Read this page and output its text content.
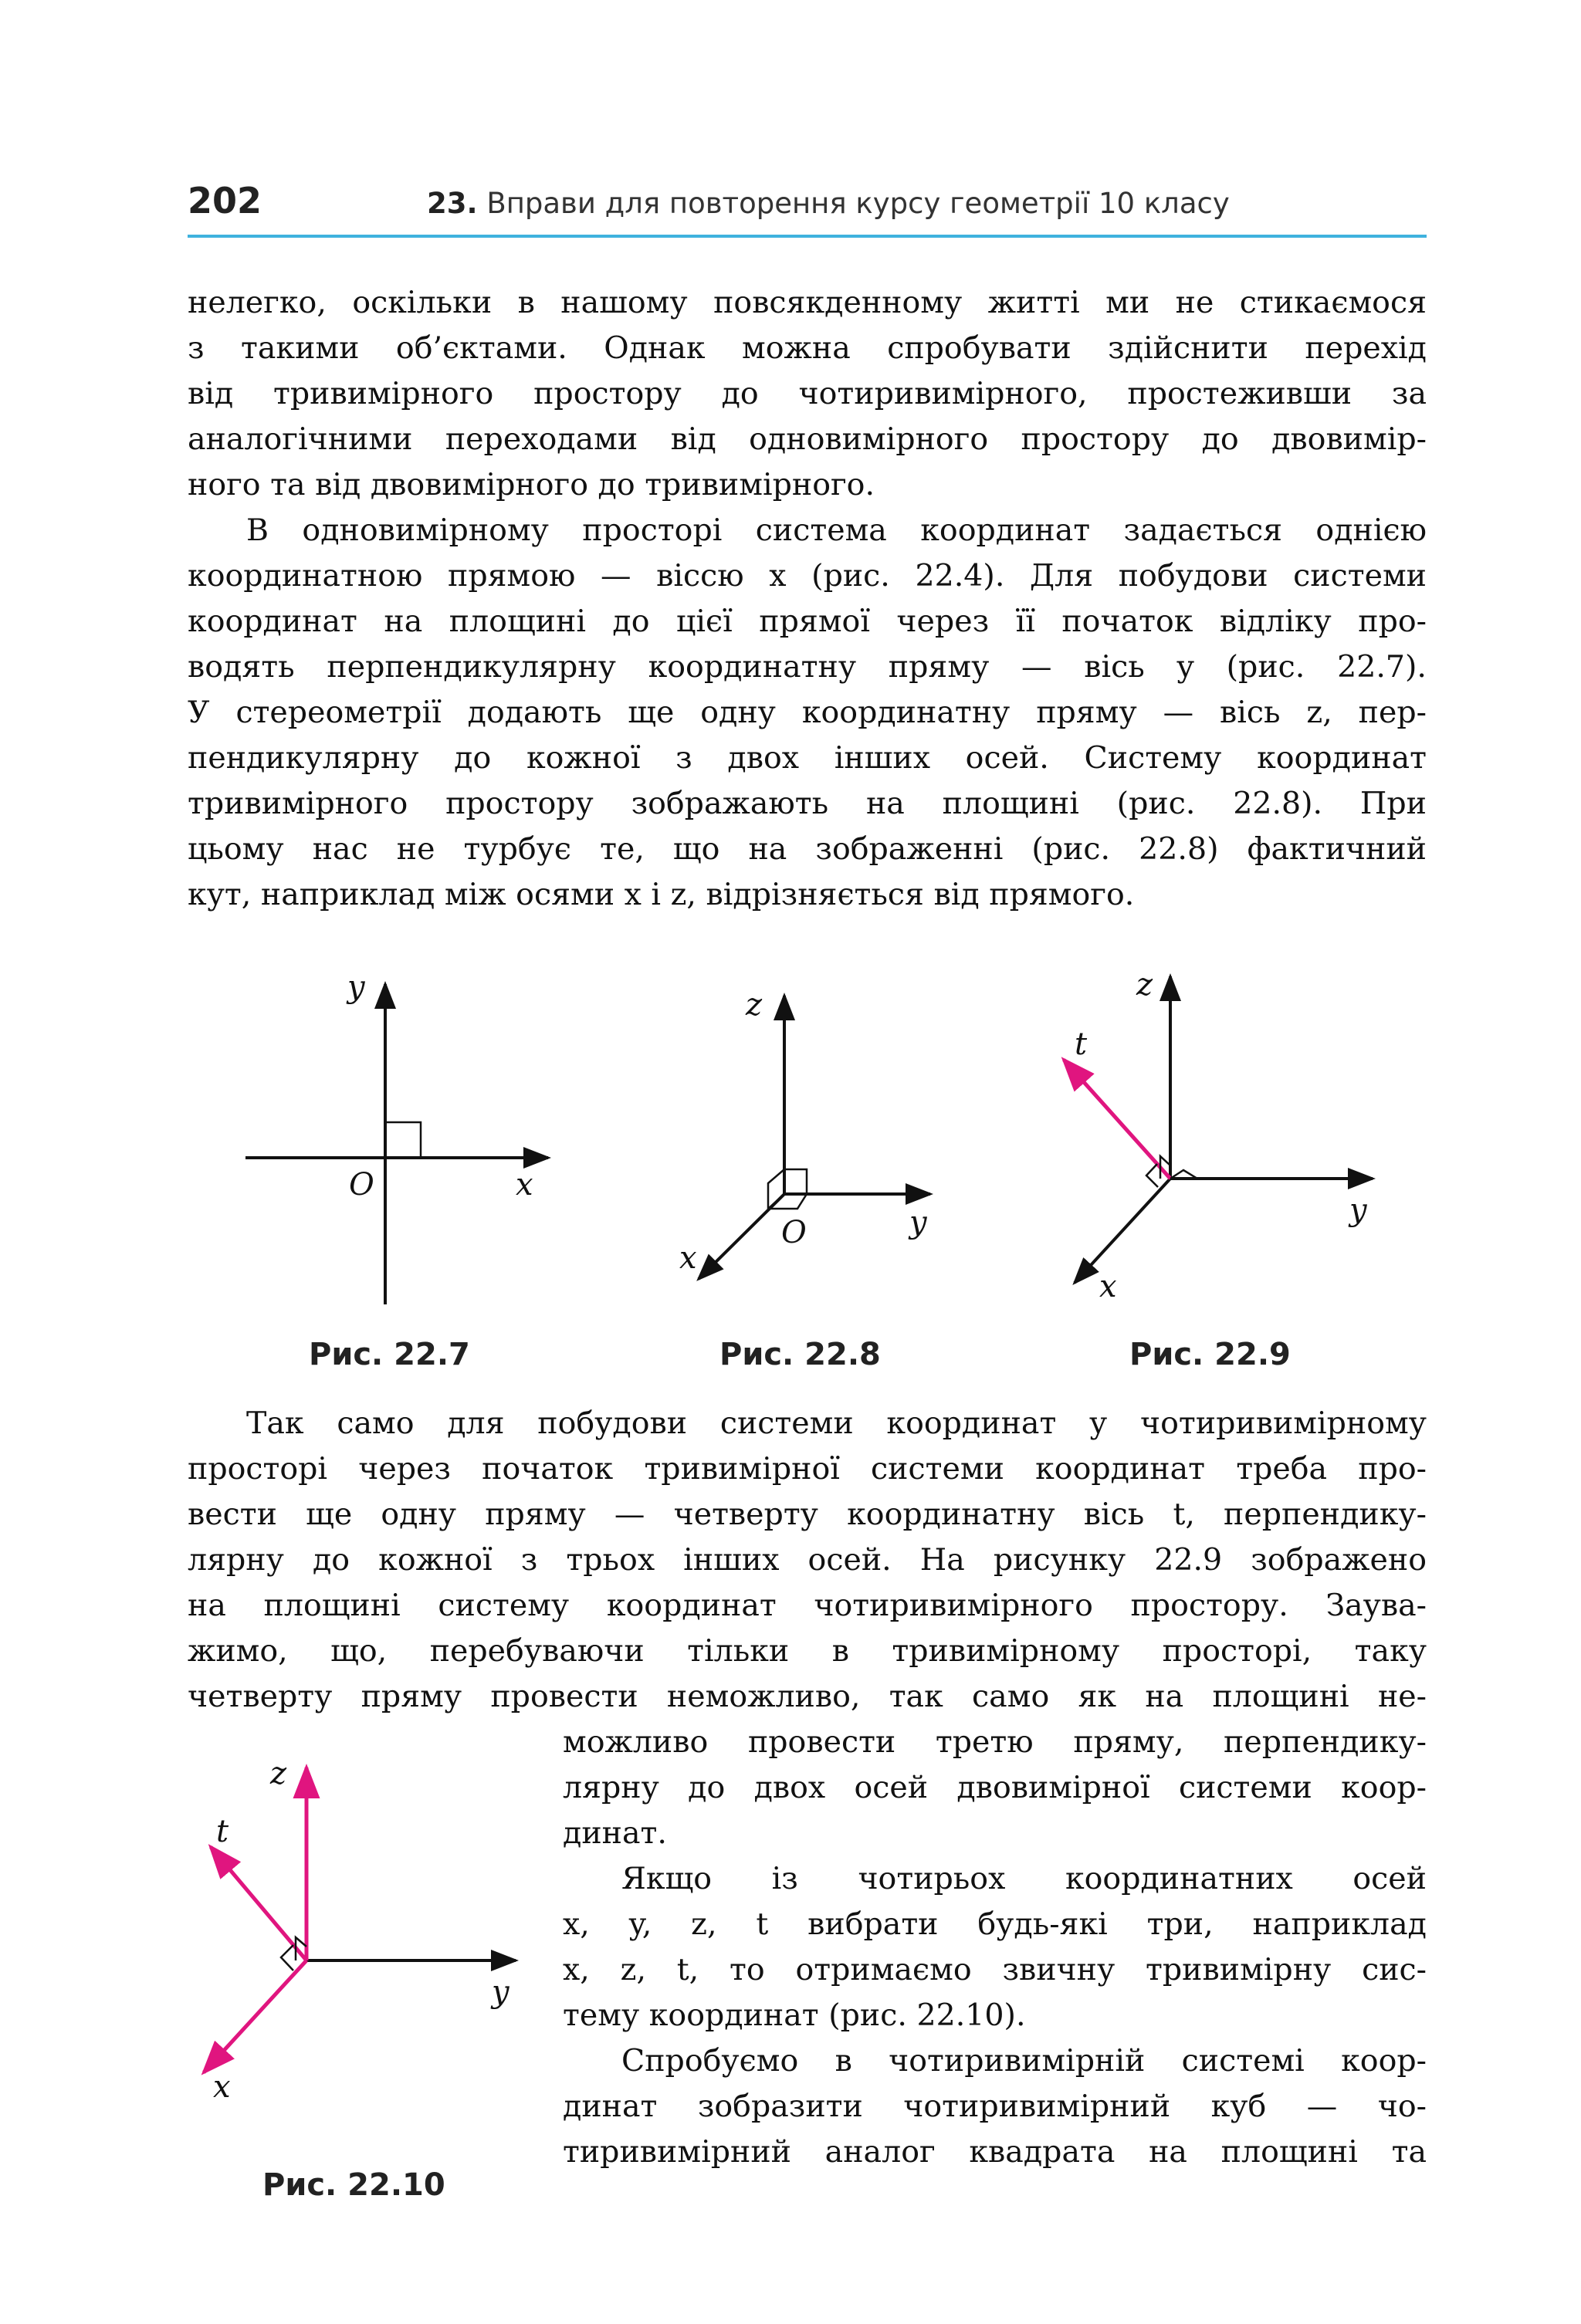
202	23. Вправи для повторення курсу геометрії 10 класу
нелегко, оскільки в нашому повсякденному житті ми не стикаємося
з такими об’єктами. Однак можна спробувати здійснити перехід
від тривимірного простору до чотиривимірного, простеживши за
аналогічними переходами від одновимірного простору до двовимір-
ного та від двовимірного до тривимірного.
В одновимірному просторі система координат задається однією
координатною прямою — віссю x (рис. 22.4). Для побудови системи
координат на площині до цієї прямої через її початок відліку про-
водять перпендикулярну координатну пряму — вісь y (рис. 22.7).
У стереометрії додають ще одну координатну пряму — вісь z, пер-
пендикулярну до кожної з двох інших осей. Систему координат
тривимірного простору зображають на площині (рис. 22.8). При
цьому нас не турбує те, що на зображенні (рис. 22.8) фактичний
кут, наприклад між осями x і z, відрізняється від прямого.
y
O	x
z
x
O	y
z
t
y
x
Рис. 22.7	Рис. 22.8	Рис. 22.9
Так само для побудови системи координат у чотиривимірному
просторі через початок тривимірної системи координат треба про-
вести ще одну пряму — четверту координатну вісь t, перпендику-
лярну до кожної з трьох інших осей. На рисунку 22.9 зображено
на площині систему координат чотиривимірного простору. Заува-
жимо, що, перебуваючи тільки в тривимірному просторі, таку
четверту пряму провести неможливо, так само як на площині не-
z
t
y
x
Рис. 22.10
можливо провести третю пряму, перпендику-
лярну до двох осей двовимірної системи коор-
динат.
Якщо із чотирьох координатних осей
x, y, z, t вибрати будь-які три, наприклад
x, z, t, то отримаємо звичну тривимірну сис-
тему координат (рис. 22.10).
Спробуємо в чотиривимірній системі коор-
динат зобразити чотиривимірний куб — чо-
тиривимірний аналог квадрата на площині та
